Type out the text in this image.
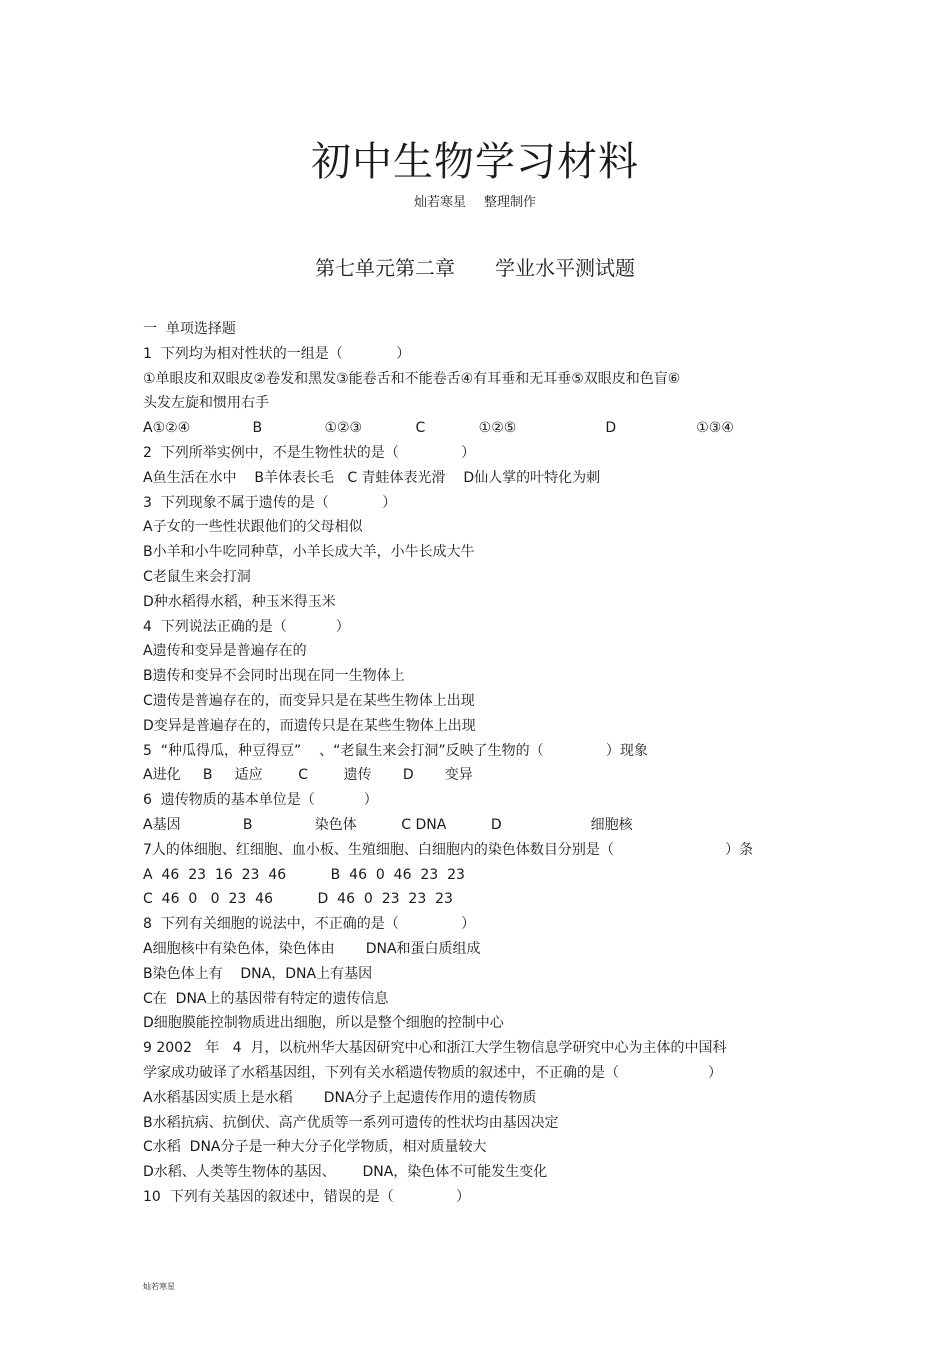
初中生物学习材料
灿若寒星 整理制作
第七单元第二章 学业水平测试题
一  单项选择题
1  下列均为相对性状的一组是（            ）
①单眼皮和双眼皮②卷发和黑发③能卷舌和不能卷舌④有耳垂和无耳垂⑤双眼皮和色盲⑥
头发左旋和惯用右手
A①②④              B              ①②③            C            ①②⑤                    D                  ①③④
2  下列所举实例中，不是生物性状的是（              ）
A鱼生活在水中    B羊体表长毛   C 青蛙体表光滑    D仙人掌的叶特化为刺
3  下列现象不属于遗传的是（            ）
A子女的一些性状跟他们的父母相似
B小羊和小牛吃同种草，小羊长成大羊，小牛长成大牛
C老鼠生来会打洞
D种水稻得水稻，种玉米得玉米
4  下列说法正确的是（           ）
A遗传和变异是普遍存在的
B遗传和变异不会同时出现在同一生物体上
C遗传是普遍存在的，而变异只是在某些生物体上出现
D变异是普遍存在的，而遗传只是在某些生物体上出现
5  “种瓜得瓜，种豆得豆”    、“老鼠生来会打洞”反映了生物的（              ）现象
A进化     B     适应        C        遗传       D       变异
6  遗传物质的基本单位是（           ）
A基因              B              染色体          C DNA          D                    细胞核
7人的体细胞、红细胞、血小板、生殖细胞、白细胞内的染色体数目分别是（                         ）条
A  46  23  16  23  46          B  46  0  46  23  23
C  46  0   0  23  46          D  46  0  23  23  23
8  下列有关细胞的说法中，不正确的是（              ）
A细胞核中有染色体，染色体由       DNA和蛋白质组成
B染色体上有    DNA，DNA上有基因
C在  DNA上的基因带有特定的遗传信息
D细胞膜能控制物质进出细胞，所以是整个细胞的控制中心
9 2002   年   4  月，以杭州华大基因研究中心和浙江大学生物信息学研究中心为主体的中国科
学家成功破译了水稻基因组，下列有关水稻遗传物质的叙述中，不正确的是（                    ）
A水稻基因实质上是水稻       DNA分子上起遗传作用的遗传物质
B水稻抗病、抗倒伏、高产优质等一系列可遗传的性状均由基因决定
C水稻  DNA分子是一种大分子化学物质，相对质量较大
D水稻、人类等生物体的基因、      DNA，染色体不可能发生变化
10  下列有关基因的叙述中，错误的是（              ）
灿若寒星
